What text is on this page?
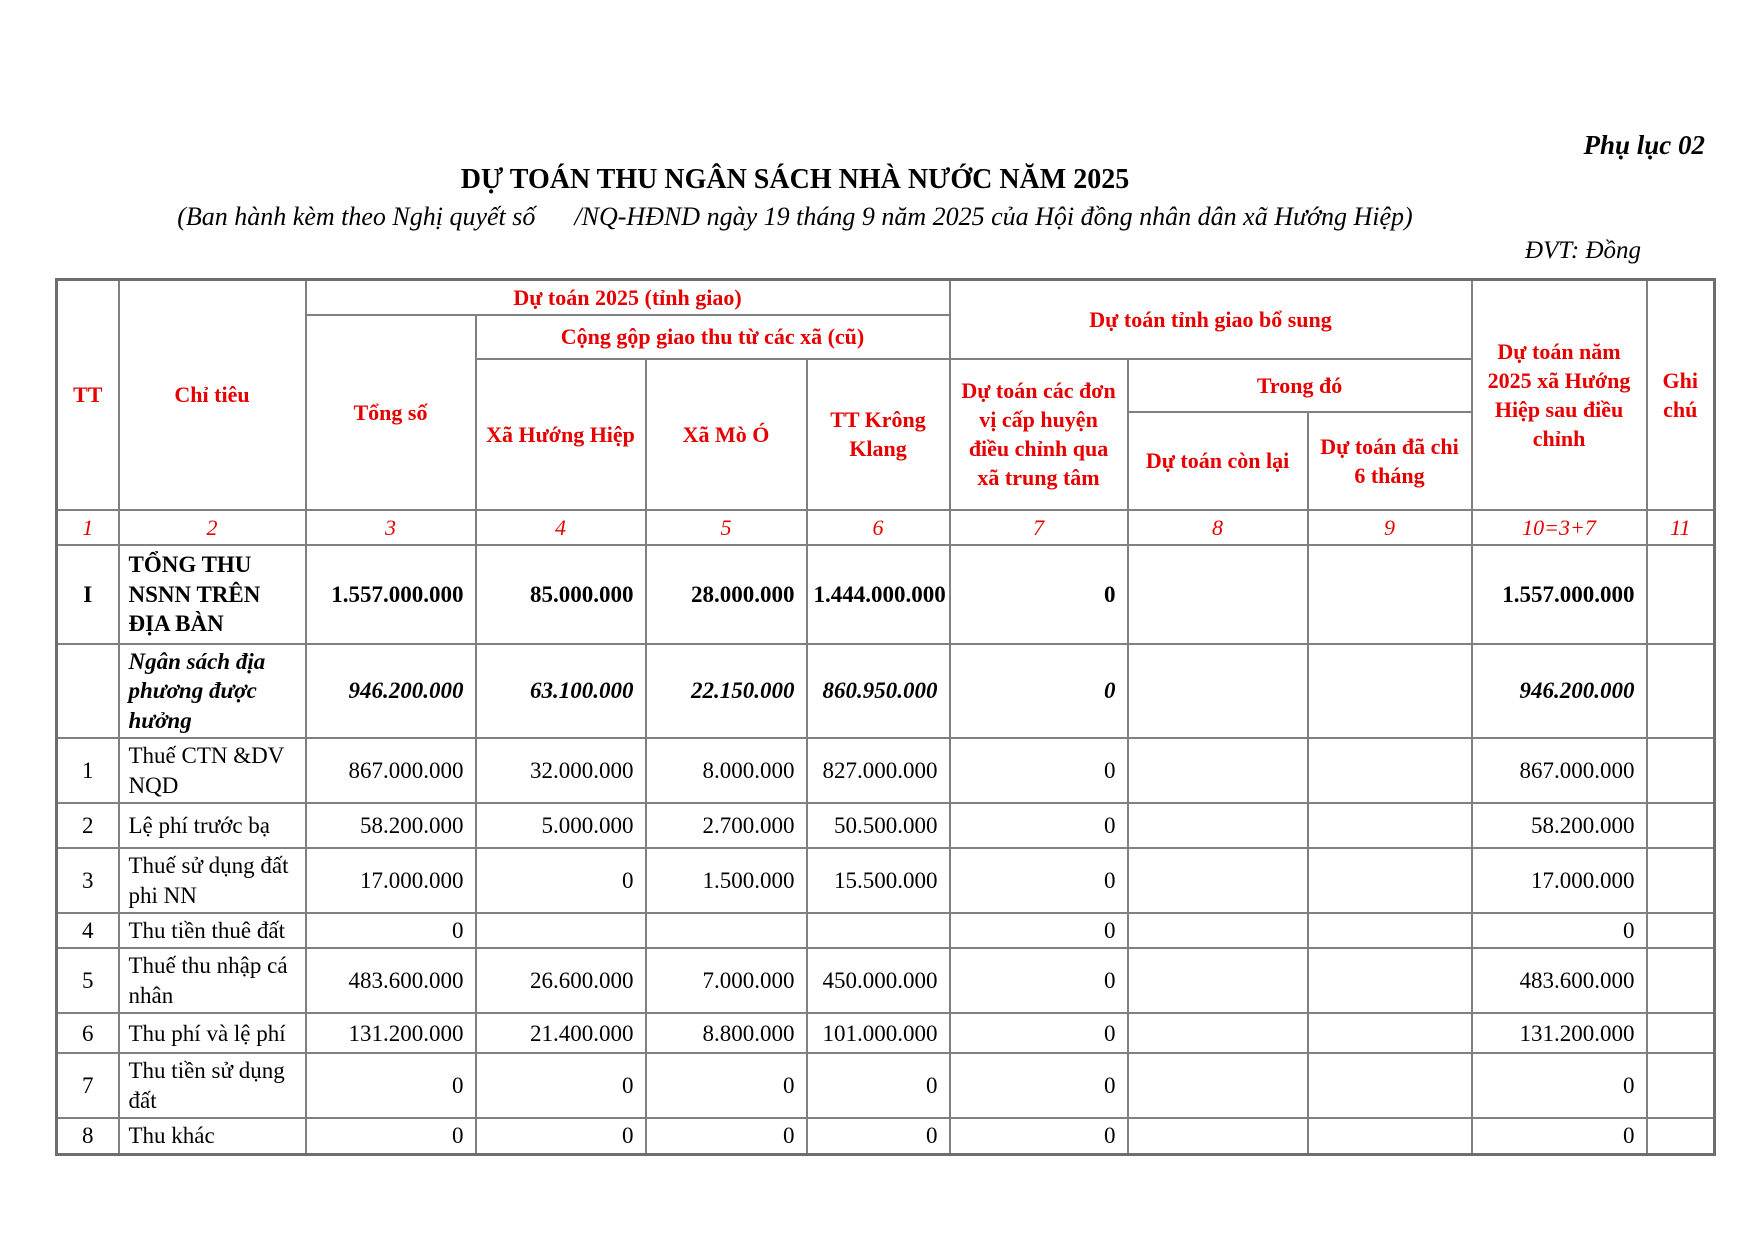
Phụ lục 02
DỰ TOÁN THU NGÂN SÁCH NHÀ NƯỚC NĂM 2025
(Ban hành kèm theo Nghị quyết số      /NQ-HĐND ngày 19 tháng 9 năm 2025 của Hội đồng nhân dân xã Hướng Hiệp)
ĐVT: Đồng
TT	Chỉ tiêu	Dự toán 2025 (tỉnh giao)				Dự toán tỉnh giao bổ sung			Dự toán năm 2025 xã Hướng Hiệp sau điều chỉnh	Ghi chú
		Tổng số	Cộng gộp giao thu từ các xã (cũ)							
			Xã Hướng Hiệp	Xã Mò Ó	TT Krông Klang	Dự toán các đơn vị cấp huyện điều chỉnh qua xã trung tâm	Trong đó			
							Dự toán còn lại	Dự toán đã chi 6 tháng		
1	2	3	4	5	6	7	8	9	10=3+7	11
I	TỔNG THU NSNN TRÊN ĐỊA BÀN	1.557.000.000	85.000.000	28.000.000	1.444.000.000	0			1.557.000.000	
	Ngân sách địa phương được hưởng	946.200.000	63.100.000	22.150.000	860.950.000	0			946.200.000	
1	Thuế CTN &DV NQD	867.000.000	32.000.000	8.000.000	827.000.000	0			867.000.000	
2	Lệ phí trước bạ	58.200.000	5.000.000	2.700.000	50.500.000	0			58.200.000	
3	Thuế sử dụng đất phi NN	17.000.000	0	1.500.000	15.500.000	0			17.000.000	
4	Thu tiền thuê đất	0				0			0	
5	Thuế thu nhập cá nhân	483.600.000	26.600.000	7.000.000	450.000.000	0			483.600.000	
6	Thu phí và lệ phí	131.200.000	21.400.000	8.800.000	101.000.000	0			131.200.000	
7	Thu tiền sử dụng đất	0	0	0	0	0			0	
8	Thu khác	0	0	0	0	0			0	
